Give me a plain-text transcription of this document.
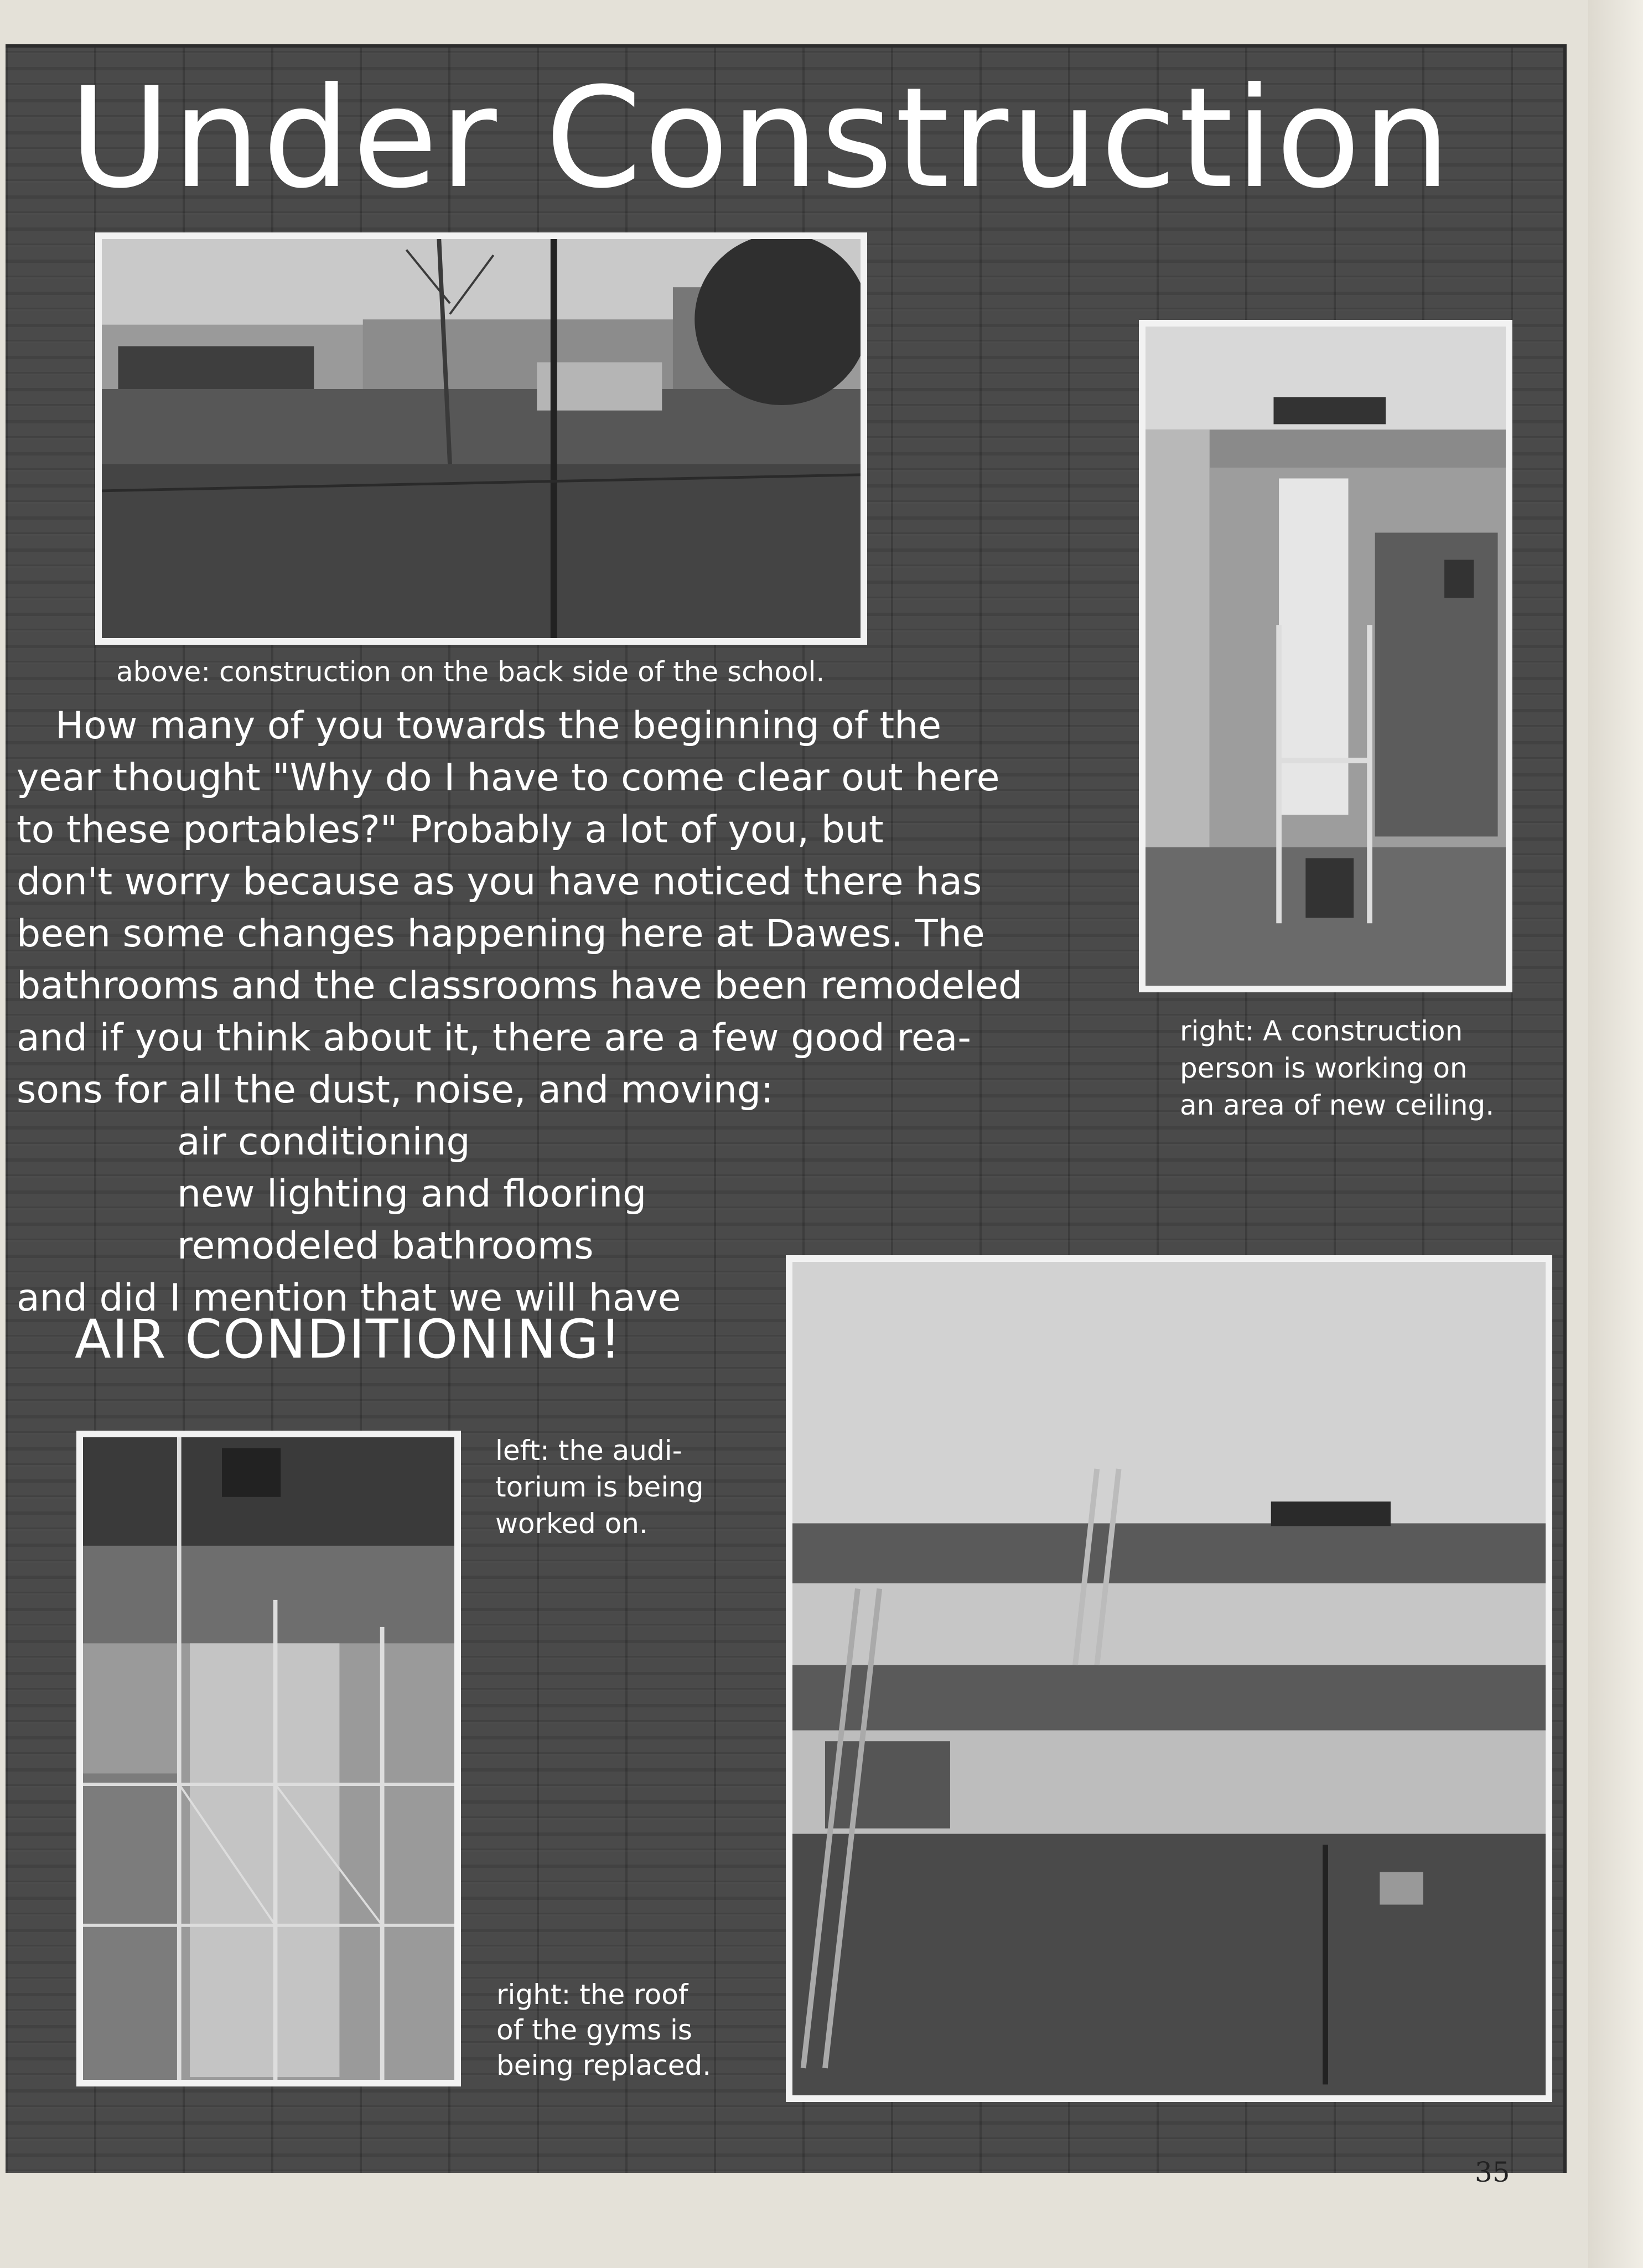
Under Construction
above: construction on the back side of the school.
right: A construction
person is working on
an area of new ceiling.
How many of you towards the beginning of the
year thought "Why do I have to come clear out here
to these portables?" Probably a lot of you, but
don't worry because as you have noticed there has
been some changes happening here at Dawes. The
bathrooms and the classrooms have been remodeled
and if you think about it, there are a few good rea-
sons for all the dust, noise, and moving:
air conditioning
new lighting and flooring
remodeled bathrooms
and did I mention that we will have
AIR CONDITIONING!
left: the audi-
torium is being
worked on.
right: the roof
of the gyms is
being replaced.
35
